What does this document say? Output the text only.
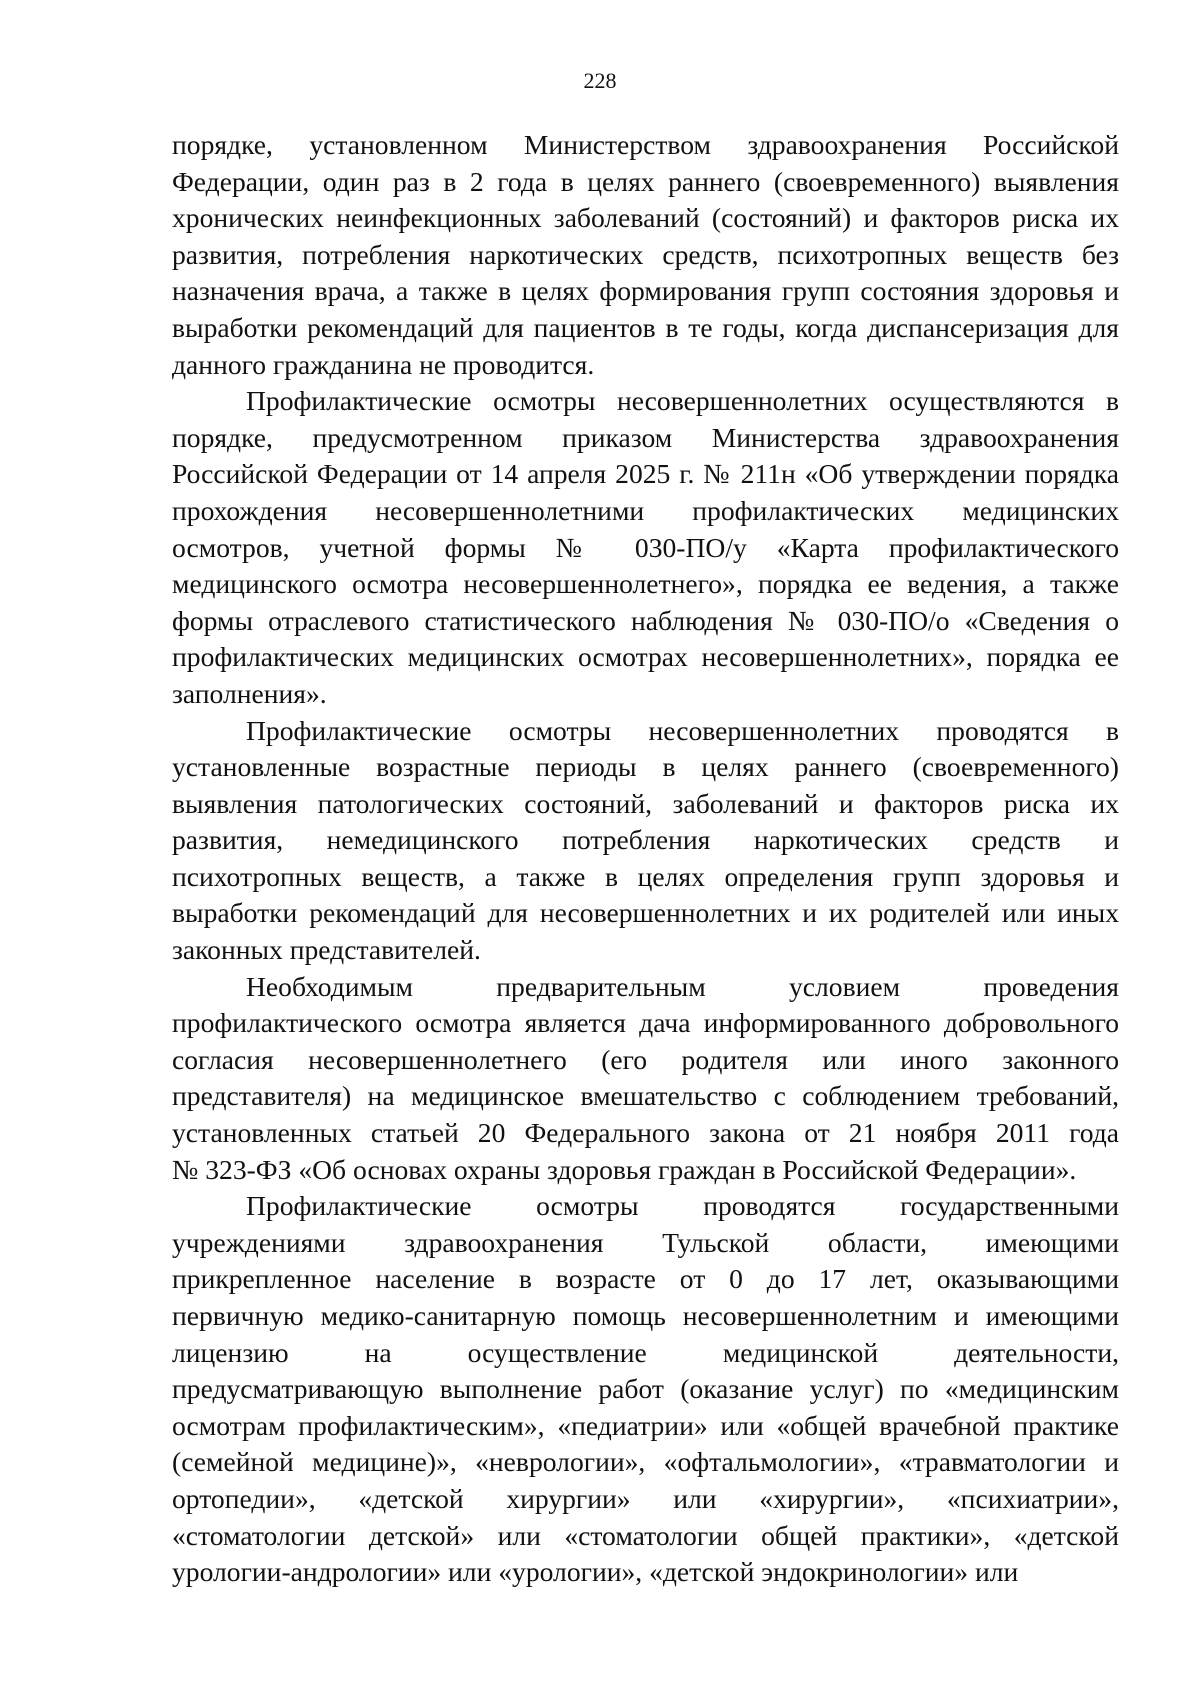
228
порядке, установленном Министерством здравоохранения Российской
Федерации, один раз в 2 года в целях раннего (своевременного) выявления
хронических неинфекционных заболеваний (состояний) и факторов риска их
развития, потребления наркотических средств, психотропных веществ без
назначения врача, а также в целях формирования групп состояния здоровья и
выработки рекомендаций для пациентов в те годы, когда диспансеризация для
данного гражданина не проводится.
Профилактические осмотры несовершеннолетних осуществляются в
порядке, предусмотренном приказом Министерства здравоохранения
Российской Федерации от 14 апреля 2025 г. № 211н «Об утверждении порядка
прохождения несовершеннолетними профилактических медицинских
осмотров, учетной формы № 030-ПО/у «Карта профилактического
медицинского осмотра несовершеннолетнего», порядка ее ведения, а также
формы отраслевого статистического наблюдения № 030-ПО/о «Сведения о
профилактических медицинских осмотрах несовершеннолетних», порядка ее
заполнения».
Профилактические осмотры несовершеннолетних проводятся в
установленные возрастные периоды в целях раннего (своевременного)
выявления патологических состояний, заболеваний и факторов риска их
развития, немедицинского потребления наркотических средств и
психотропных веществ, а также в целях определения групп здоровья и
выработки рекомендаций для несовершеннолетних и их родителей или иных
законных представителей.
Необходимым предварительным условием проведения
профилактического осмотра является дача информированного добровольного
согласия несовершеннолетнего (его родителя или иного законного
представителя) на медицинское вмешательство с соблюдением требований,
установленных статьей 20 Федерального закона от 21 ноября 2011 года
№ 323-ФЗ «Об основах охраны здоровья граждан в Российской Федерации».
Профилактические осмотры проводятся государственными
учреждениями здравоохранения Тульской области, имеющими
прикрепленное население в возрасте от 0 до 17 лет, оказывающими
первичную медико-санитарную помощь несовершеннолетним и имеющими
лицензию на осуществление медицинской деятельности,
предусматривающую выполнение работ (оказание услуг) по «медицинским
осмотрам профилактическим», «педиатрии» или «общей врачебной практике
(семейной медицине)», «неврологии», «офтальмологии», «травматологии и
ортопедии», «детской хирургии» или «хирургии», «психиатрии»,
«стоматологии детской» или «стоматологии общей практики», «детской
урологии-андрологии» или «урологии», «детской эндокринологии» или
